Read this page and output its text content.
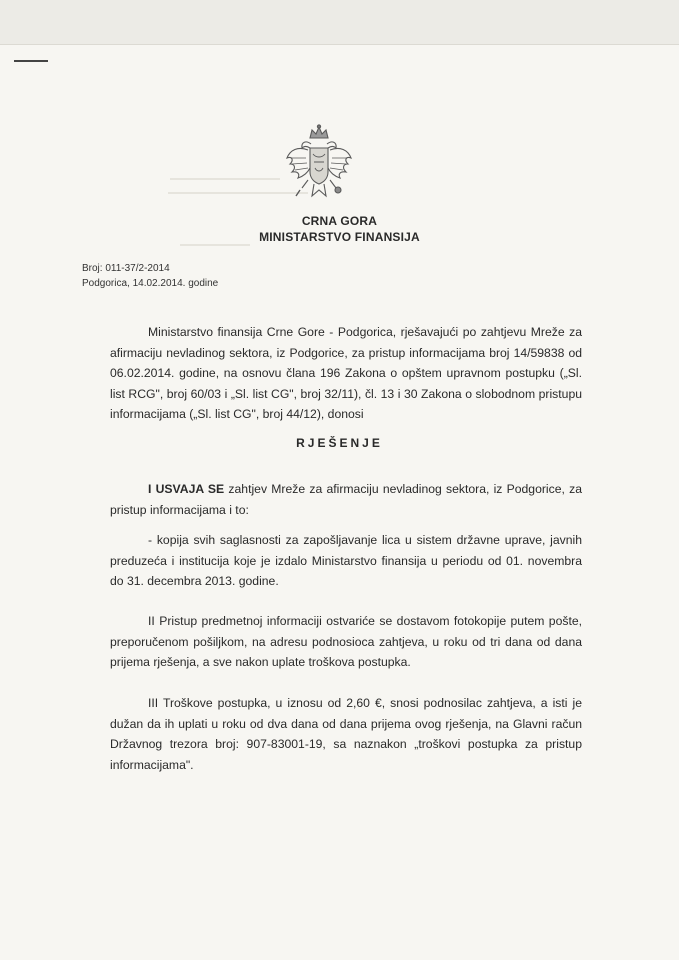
CRNA GORA
MINISTARSTVO FINANSIJA
Broj: 011-37/2-2014
Podgorica, 14.02.2014. godine

Ministarstvo finansija Crne Gore - Podgorica, rješavajući po zahtjevu Mreže za afirmaciju nevladinog sektora, iz Podgorice, za pristup informacijama broj 14/59838 od 06.02.2014. godine, na osnovu člana 196 Zakona o opštem upravnom postupku („Sl. list RCG", broj 60/03 i „Sl. list CG", broj 32/11), čl. 13 i 30 Zakona o slobodnom pristupu informacijama („Sl. list CG", broj 44/12), donosi

RJEŠENJE

I USVAJA SE zahtjev Mreže za afirmaciju nevladinog sektora, iz Podgorice, za pristup informacijama i to:

- kopija svih saglasnosti za zapošljavanje lica u sistem državne uprave, javnih preduzeća i institucija koje je izdalo Ministarstvo finansija u periodu od 01. novembra do 31. decembra 2013. godine.

II Pristup predmetnoj informaciji ostvariće se dostavom fotokopije putem pošte, preporučenom pošiljkom, na adresu podnosioca zahtjeva, u roku od tri dana od dana prijema rješenja, a sve nakon uplate troškova postupka.

III Troškove postupka, u iznosu od 2,60 €, snosi podnosilac zahtjeva, a isti je dužan da ih uplati u roku od dva dana od dana prijema ovog rješenja, na Glavni račun Državnog trezora broj: 907-83001-19, sa naznakon „troškovi postupka za pristup informacijama".
